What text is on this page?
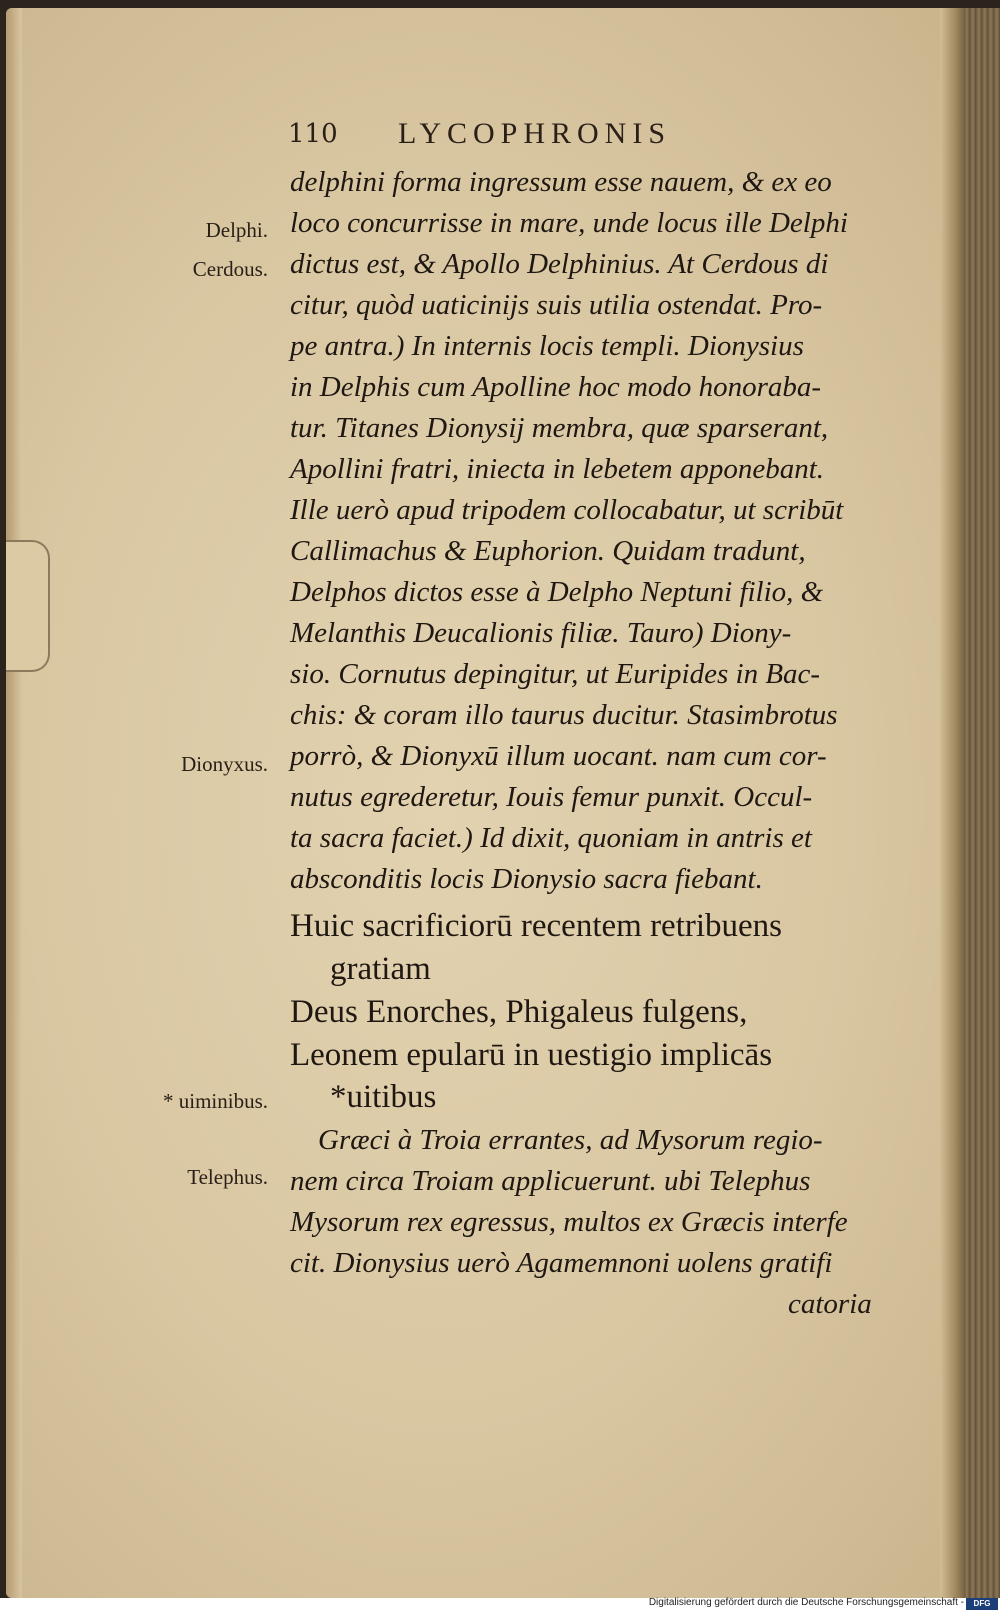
110 LYCOPHRONIS
Delphi.
Cerdous.
Dionyxus.
* uiminibus.
Telephus.
delphini forma ingressum esse nauem, & ex eo
loco concurrisse in mare, unde locus ille Delphi
dictus est, & Apollo Delphinius. At Cerdous di
citur, quòd uaticinijs suis utilia ostendat. Pro-
pe antra.) In internis locis templi. Dionysius
in Delphis cum Apolline hoc modo honoraba-
tur. Titanes Dionysij membra, quæ sparserant,
Apollini fratri, iniecta in lebetem apponebant.
Ille uerò apud tripodem collocabatur, ut scribūt
Callimachus & Euphorion. Quidam tradunt,
Delphos dictos esse à Delpho Neptuni filio, &
Melanthis Deucalionis filiæ. Tauro) Diony-
sio. Cornutus depingitur, ut Euripides in Bac-
chis: & coram illo taurus ducitur. Stasimbrotus
porrò, & Dionyxū illum uocant. nam cum cor-
nutus egrederetur, Iouis femur punxit. Occul-
ta sacra faciet.) Id dixit, quoniam in antris et
absconditis locis Dionysio sacra fiebant.
Huic sacrificiorū recentem retribuens
gratiam
Deus Enorches, Phigaleus fulgens,
Leonem epularū in uestigio implicās
*uitibus
Græci à Troia errantes, ad Mysorum regio-
nem circa Troiam applicuerunt. ubi Telephus
Mysorum rex egressus, multos ex Græcis interfe
cit. Dionysius uerò Agamemnoni uolens gratifi
catoria
Digitalisierung gefördert durch die Deutsche Forschungsgemeinschaft -	DFG
